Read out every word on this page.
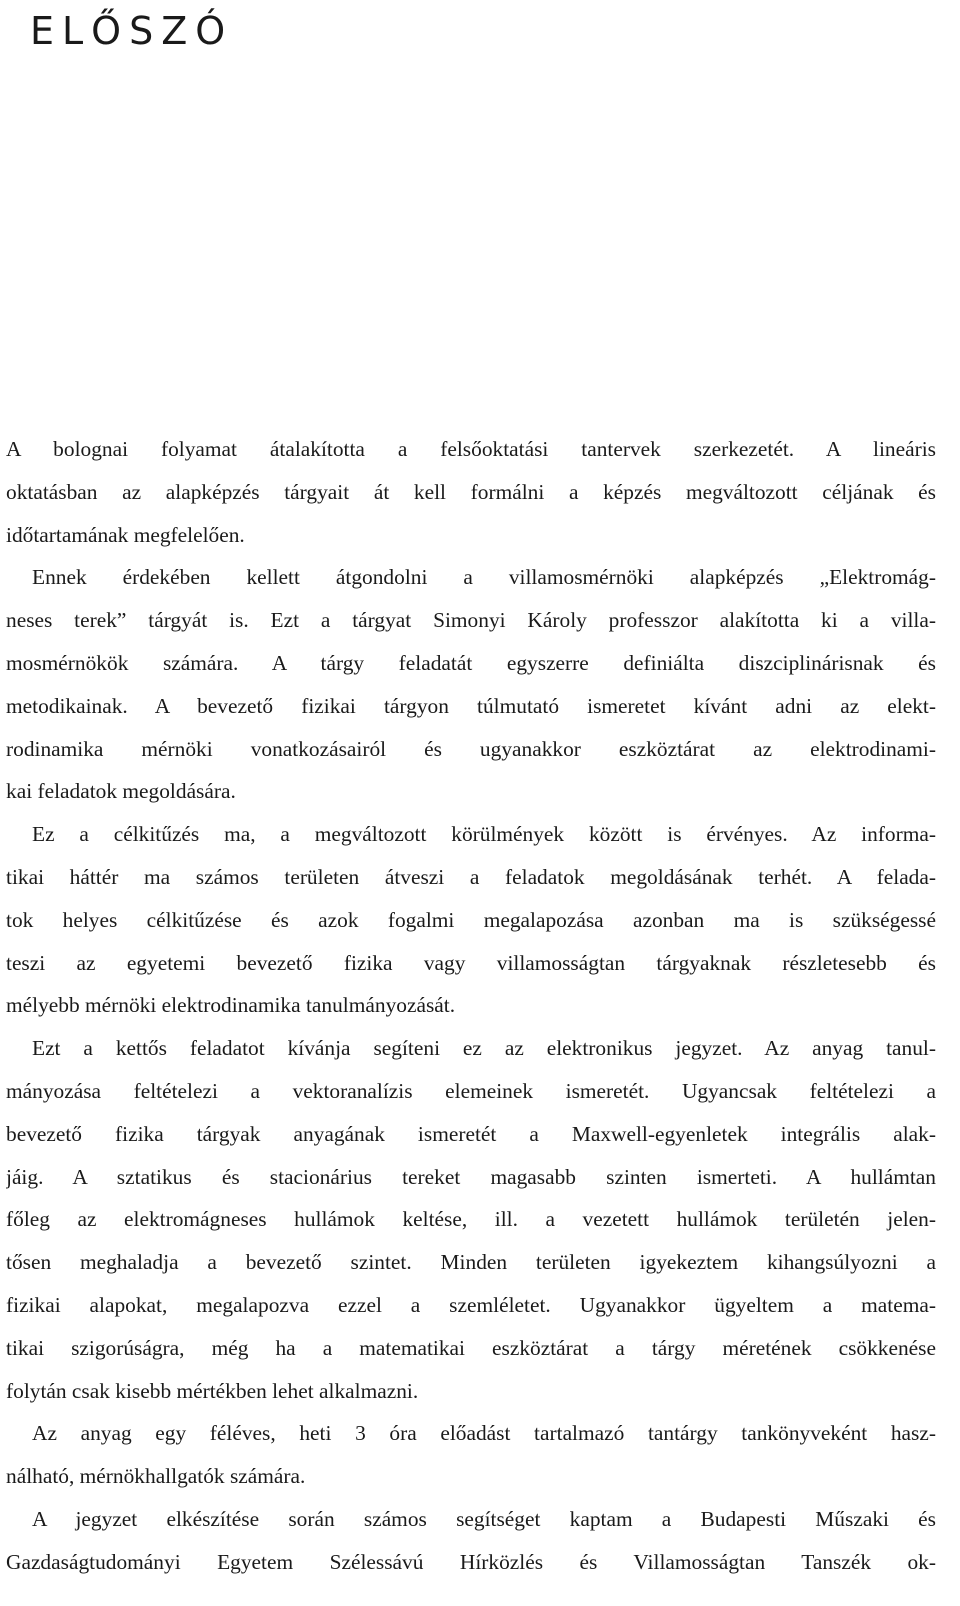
ELŐSZÓ
A bolognai folyamat átalakította a felsőoktatási tantervek szerkezetét. A lineáris
oktatásban az alapképzés tárgyait át kell formálni a képzés megváltozott céljának és
időtartamának megfelelően.
Ennek érdekében kellett átgondolni a villamosmérnöki alapképzés „Elektromág-
neses terek” tárgyát is. Ezt a tárgyat Simonyi Károly professzor alakította ki a villa-
mosmérnökök számára. A tárgy feladatát egyszerre definiálta diszciplinárisnak és
metodikainak. A bevezető fizikai tárgyon túlmutató ismeretet kívánt adni az elekt-
rodinamika mérnöki vonatkozásairól és ugyanakkor eszköztárat az elektrodinami-
kai feladatok megoldására.
Ez a célkitűzés ma, a megváltozott körülmények között is érvényes. Az informa-
tikai háttér ma számos területen átveszi a feladatok megoldásának terhét. A felada-
tok helyes célkitűzése és azok fogalmi megalapozása azonban ma is szükségessé
teszi az egyetemi bevezető fizika vagy villamosságtan tárgyaknak részletesebb és
mélyebb mérnöki elektrodinamika tanulmányozását.
Ezt a kettős feladatot kívánja segíteni ez az elektronikus jegyzet. Az anyag tanul-
mányozása feltételezi a vektoranalízis elemeinek ismeretét. Ugyancsak feltételezi a
bevezető fizika tárgyak anyagának ismeretét a Maxwell-egyenletek integrális alak-
jáig. A sztatikus és stacionárius tereket magasabb szinten ismerteti. A hullámtan
főleg az elektromágneses hullámok keltése, ill. a vezetett hullámok területén jelen-
tősen meghaladja a bevezető szintet. Minden területen igyekeztem kihangsúlyozni a
fizikai alapokat, megalapozva ezzel a szemléletet. Ugyanakkor ügyeltem a matema-
tikai szigorúságra, még ha a matematikai eszköztárat a tárgy méretének csökkenése
folytán csak kisebb mértékben lehet alkalmazni.
Az anyag egy féléves, heti 3 óra előadást tartalmazó tantárgy tankönyveként hasz-
nálható, mérnökhallgatók számára.
A jegyzet elkészítése során számos segítséget kaptam a Budapesti Műszaki és
Gazdaságtudományi Egyetem Szélessávú Hírközlés és Villamosságtan Tanszék ok-
